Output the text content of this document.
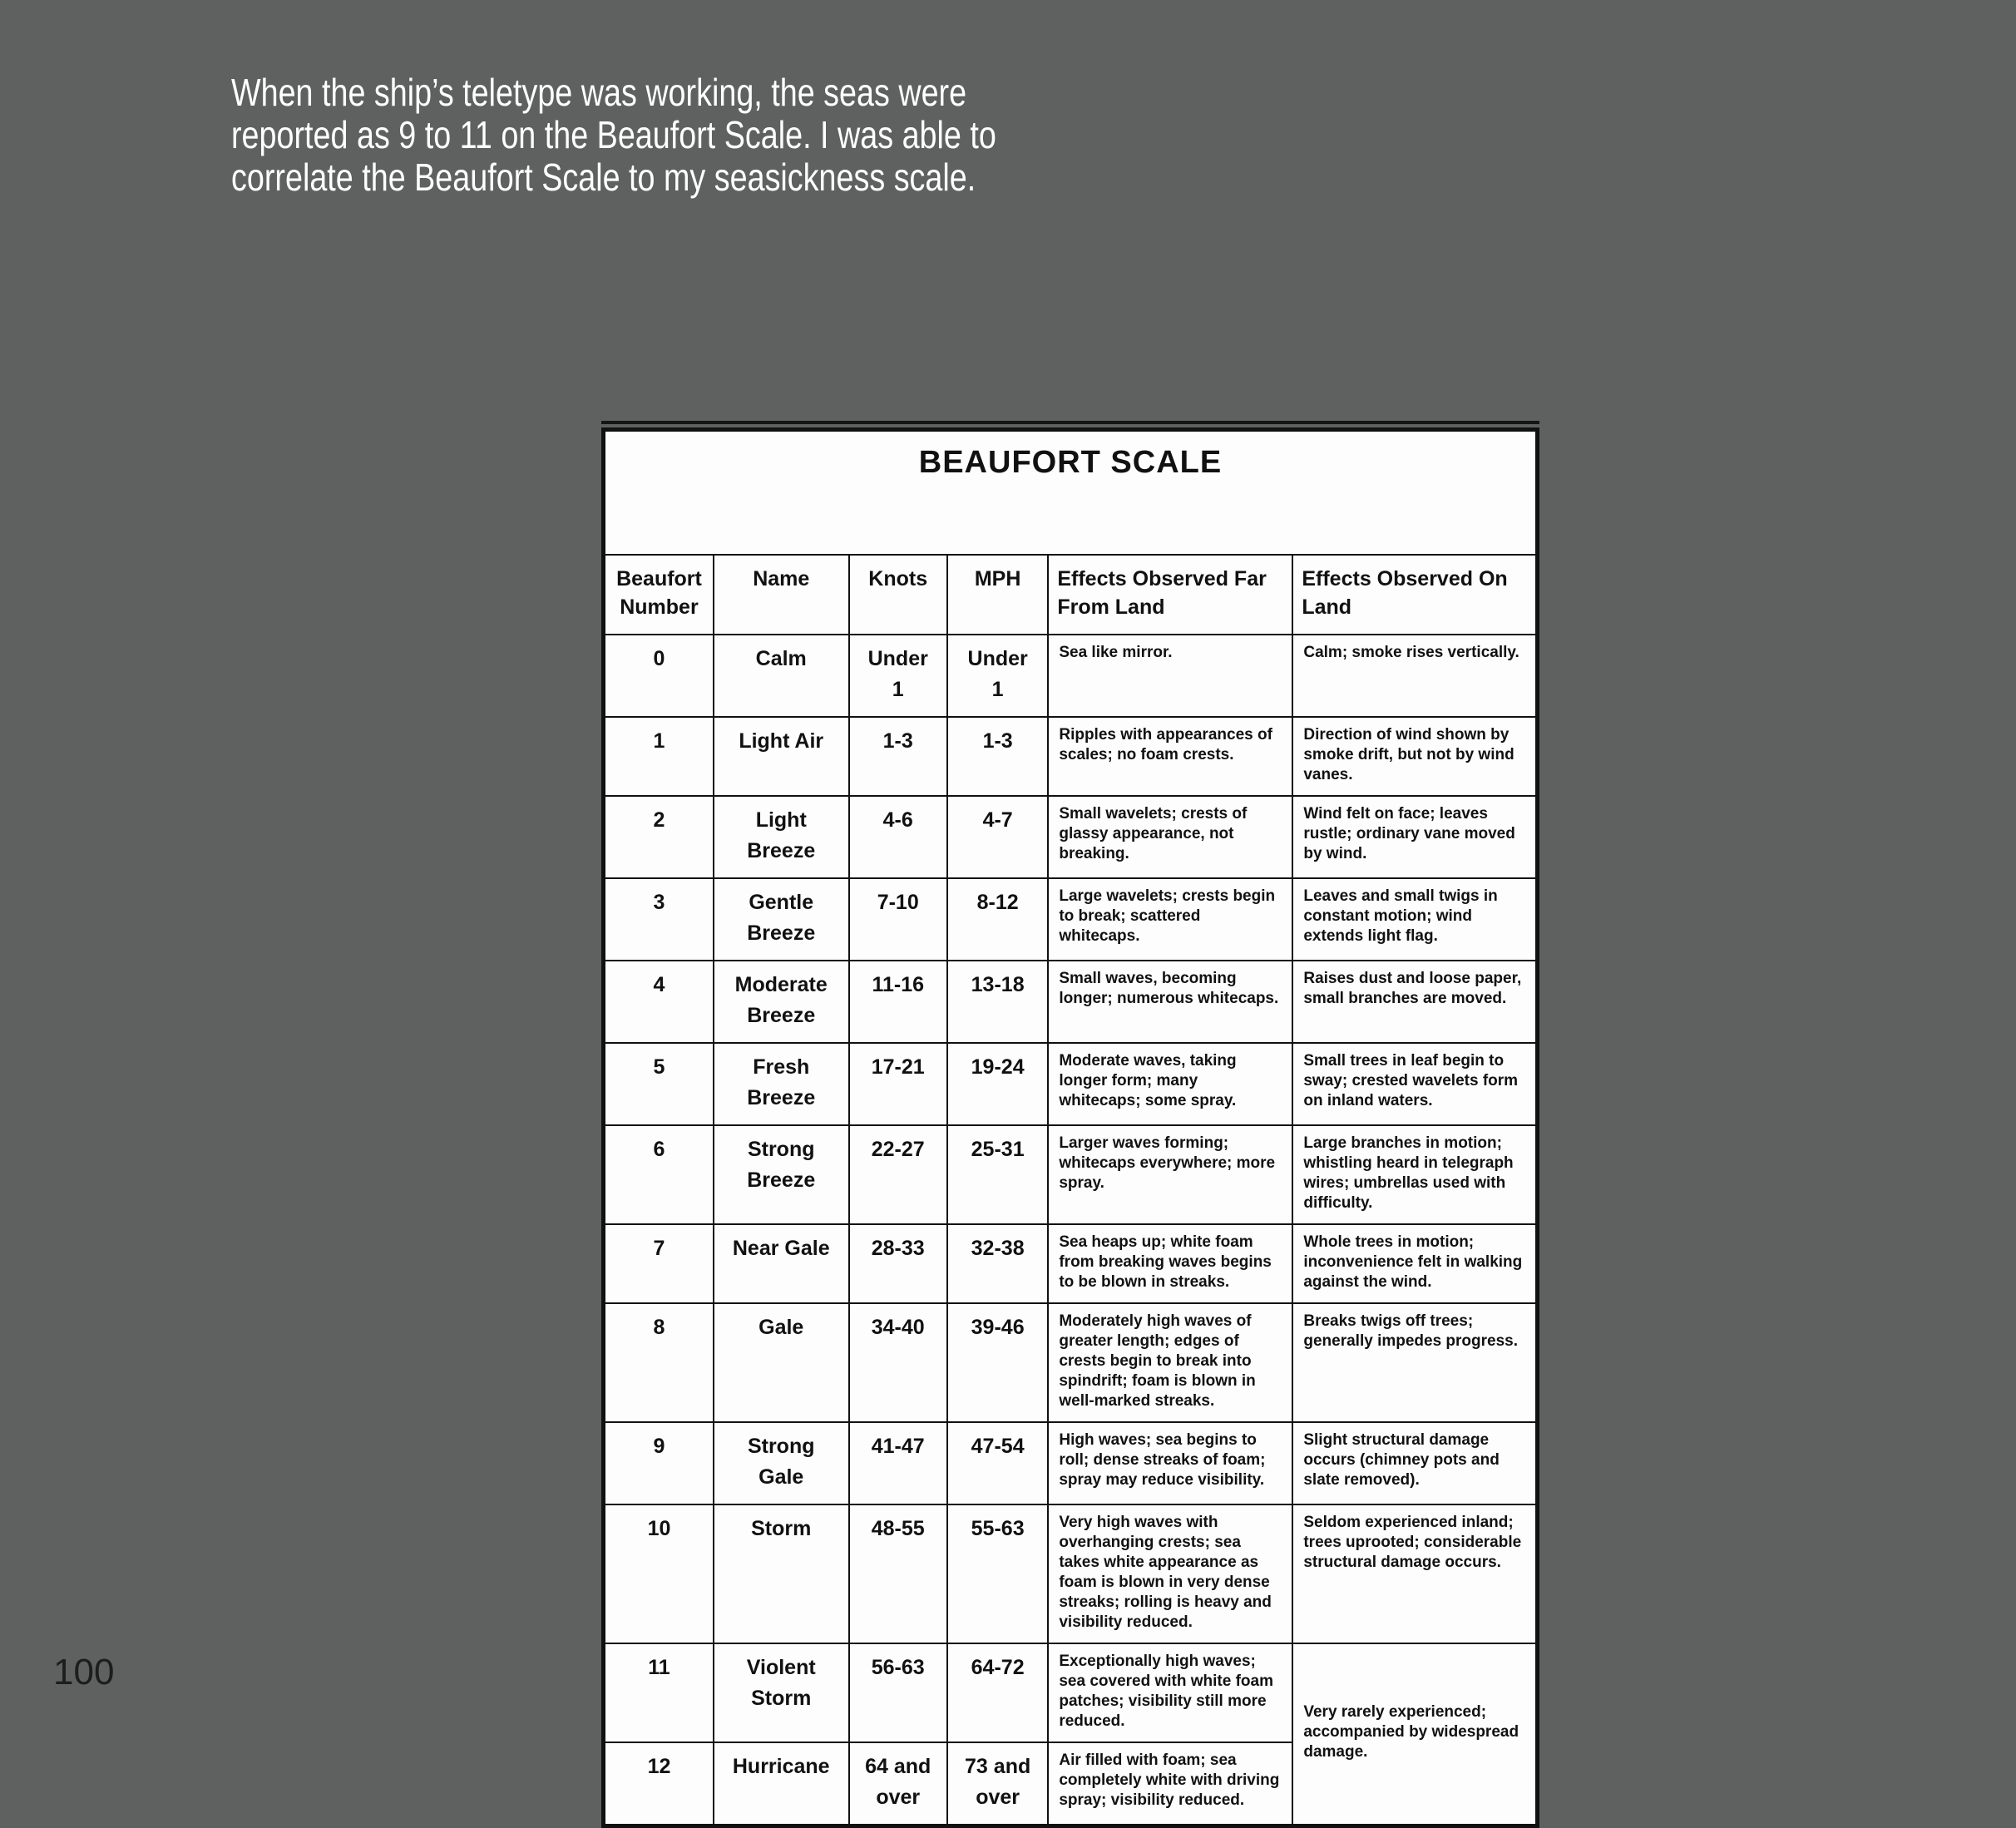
When the ship’s teletype was working, the seas were
reported as 9 to 11 on the Beaufort Scale. I was able to
correlate the Beaufort Scale to my seasickness scale.
BEAUFORT SCALE					
Beaufort Number	Name	Knots	MPH	Effects Observed Far From Land	Effects Observed On Land
0	Calm	Under 1	Under 1	Sea like mirror.	Calm; smoke rises vertically.
1	Light Air	1-3	1-3	Ripples with appearances of scales; no foam crests.	Direction of wind shown by smoke drift, but not by wind vanes.
2	Light Breeze	4-6	4-7	Small wavelets; crests of glassy appearance, not breaking.	Wind felt on face; leaves rustle; ordinary vane moved by wind.
3	Gentle Breeze	7-10	8-12	Large wavelets; crests begin to break; scattered whitecaps.	Leaves and small twigs in constant motion; wind extends light flag.
4	Moderate Breeze	11-16	13-18	Small waves, becoming longer; numerous whitecaps.	Raises dust and loose paper, small branches are moved.
5	Fresh Breeze	17-21	19-24	Moderate waves, taking longer form; many whitecaps; some spray.	Small trees in leaf begin to sway; crested wavelets form on inland waters.
6	Strong Breeze	22-27	25-31	Larger waves forming; whitecaps everywhere; more spray.	Large branches in motion; whistling heard in telegraph wires; umbrellas used with difficulty.
7	Near Gale	28-33	32-38	Sea heaps up; white foam from breaking waves begins to be blown in streaks.	Whole trees in motion; inconvenience felt in walking against the wind.
8	Gale	34-40	39-46	Moderately high waves of greater length; edges of crests begin to break into spindrift; foam is blown in well-marked streaks.	Breaks twigs off trees; generally impedes progress.
9	Strong Gale	41-47	47-54	High waves; sea begins to roll; dense streaks of foam; spray may reduce visibility.	Slight structural damage occurs (chimney pots and slate removed).
10	Storm	48-55	55-63	Very high waves with overhanging crests; sea takes white appearance as foam is blown in very dense streaks; rolling is heavy and visibility reduced.	Seldom experienced inland; trees uprooted; considerable structural damage occurs.
11	Violent Storm	56-63	64-72	Exceptionally high waves; sea covered with white foam patches; visibility still more reduced.	Very rarely experienced; accompanied by widespread damage.
12	Hurricane	64 and over	73 and over	Air filled with foam; sea completely white with driving spray; visibility reduced.	
100
